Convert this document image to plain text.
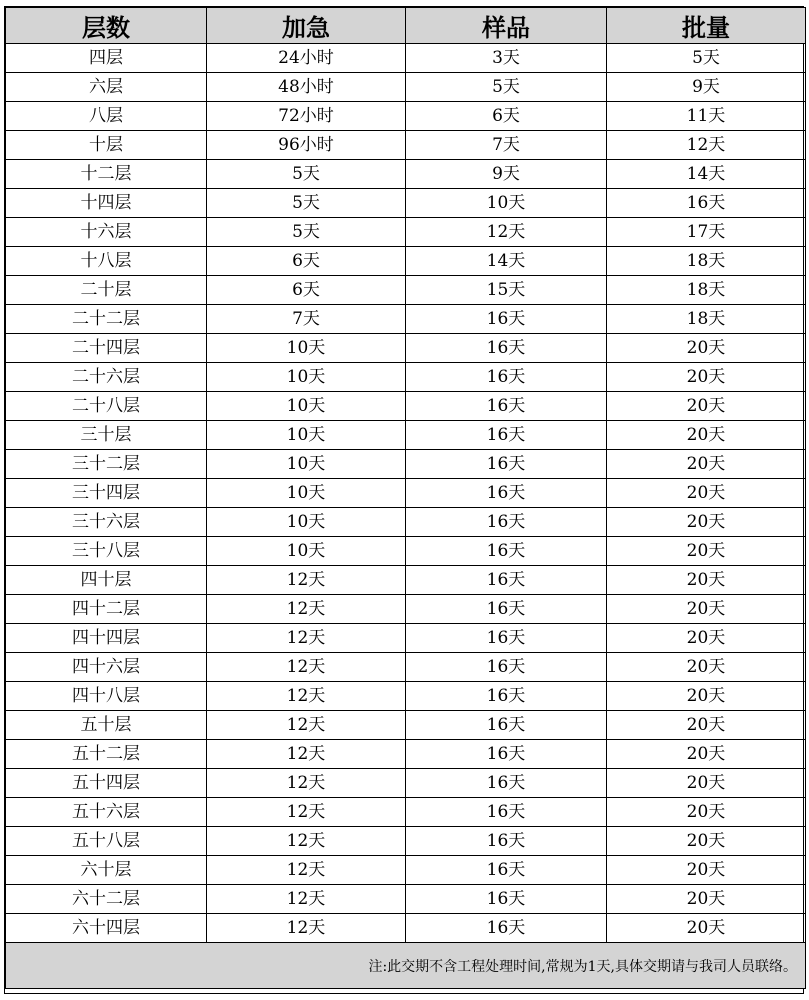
层数	加急	样品	批量
四层	24小时	3天	5天
六层	48小时	5天	9天
八层	72小时	6天	11天
十层	96小时	7天	12天
十二层	5天	9天	14天
十四层	5天	10天	16天
十六层	5天	12天	17天
十八层	6天	14天	18天
二十层	6天	15天	18天
二十二层	7天	16天	18天
二十四层	10天	16天	20天
二十六层	10天	16天	20天
二十八层	10天	16天	20天
三十层	10天	16天	20天
三十二层	10天	16天	20天
三十四层	10天	16天	20天
三十六层	10天	16天	20天
三十八层	10天	16天	20天
四十层	12天	16天	20天
四十二层	12天	16天	20天
四十四层	12天	16天	20天
四十六层	12天	16天	20天
四十八层	12天	16天	20天
五十层	12天	16天	20天
五十二层	12天	16天	20天
五十四层	12天	16天	20天
五十六层	12天	16天	20天
五十八层	12天	16天	20天
六十层	12天	16天	20天
六十二层	12天	16天	20天
六十四层	12天	16天	20天
注:此交期不含工程处理时间,常规为1天,具体交期请与我司人员联络。			
